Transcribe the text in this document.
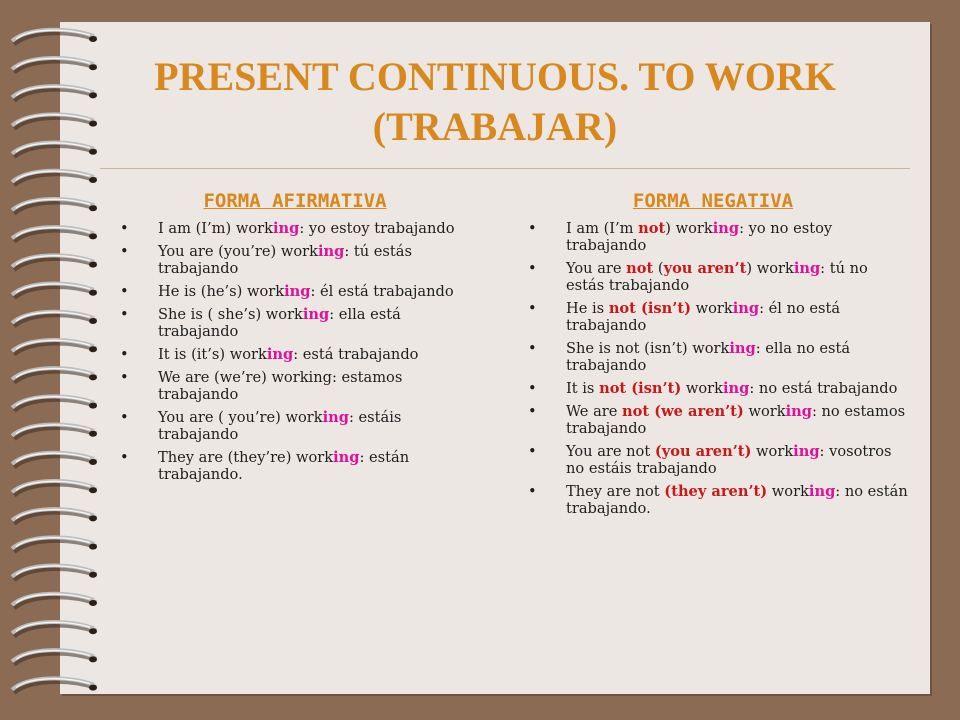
PRESENT CONTINUOUS. TO WORK
(TRABAJAR)
FORMA AFIRMATIVA
• I am (I’m) working: yo estoy trabajando
• You are (you’re) working: tú estás trabajando
• He is (he’s) working: él está trabajando
• She is ( she’s) working: ella está trabajando
• It is (it’s) working: está trabajando
• We are (we’re) working: estamos trabajando
• You are ( you’re) working: estáis trabajando
• They are (they’re) working: están trabajando.
FORMA NEGATIVA
• I am (I’m not) working: yo no estoy trabajando
• You are not (you aren’t) working: tú no estás trabajando
• He is not (isn’t) working: él no está trabajando
• She is not (isn’t) working: ella no está trabajando
• It is not (isn’t) working: no está trabajando
• We are not (we aren’t) working: no estamos trabajando
• You are not (you aren’t) working: vosotros no estáis trabajando
• They are not (they aren’t) working: no están trabajando.
